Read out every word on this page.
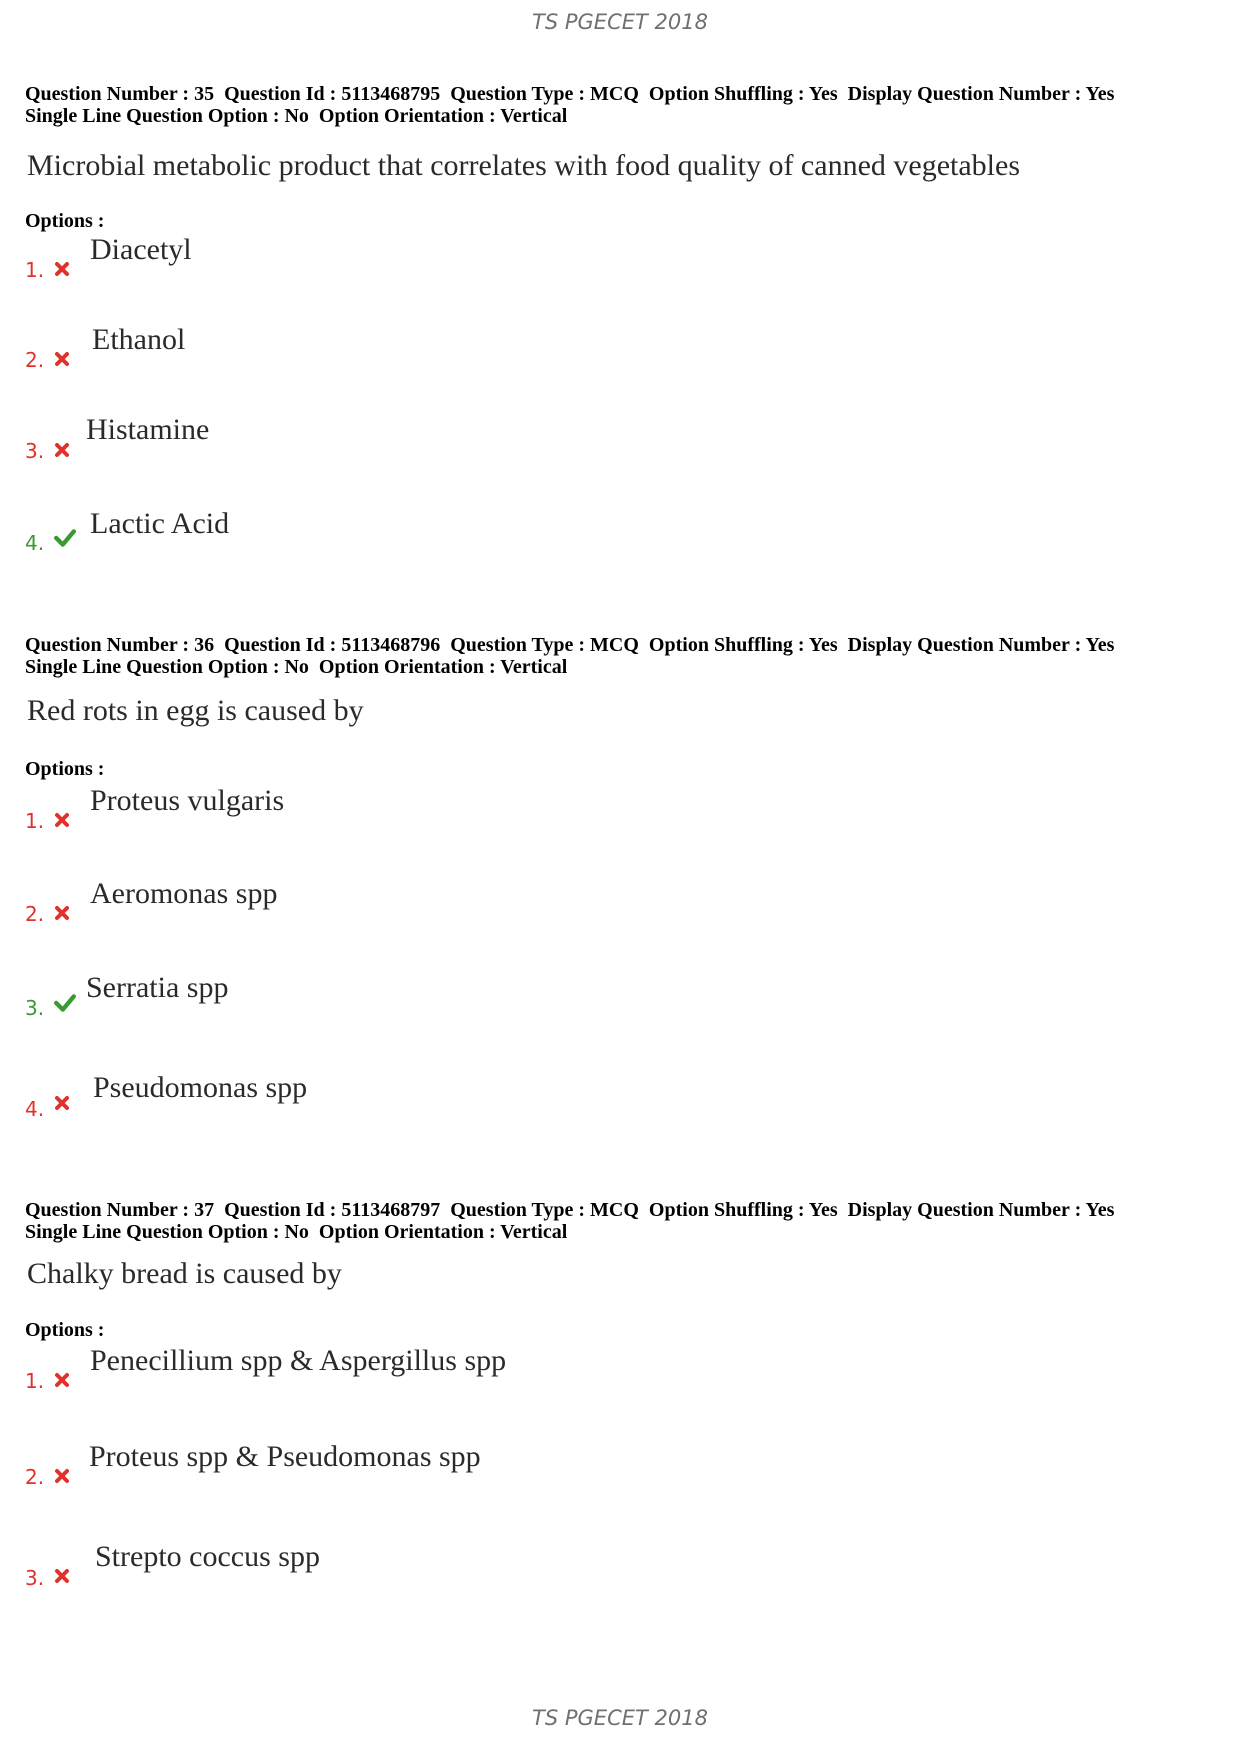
TS PGECET 2018
Question Number : 35  Question Id : 5113468795  Question Type : MCQ  Option Shuffling : Yes  Display Question Number : Yes
Single Line Question Option : No  Option Orientation : Vertical
Microbial metabolic product that correlates with food quality of canned vegetables
Options :
1.
Diacetyl
2.
Ethanol
3.
Histamine
4.
Lactic Acid
Question Number : 36  Question Id : 5113468796  Question Type : MCQ  Option Shuffling : Yes  Display Question Number : Yes
Single Line Question Option : No  Option Orientation : Vertical
Red rots in egg is caused by
Options :
1.
Proteus vulgaris
2.
Aeromonas spp
3.
Serratia spp
4.
Pseudomonas spp
Question Number : 37  Question Id : 5113468797  Question Type : MCQ  Option Shuffling : Yes  Display Question Number : Yes
Single Line Question Option : No  Option Orientation : Vertical
Chalky bread is caused by
Options :
1.
Penecillium spp & Aspergillus spp
2.
Proteus spp & Pseudomonas spp
3.
Strepto coccus spp
TS PGECET 2018
